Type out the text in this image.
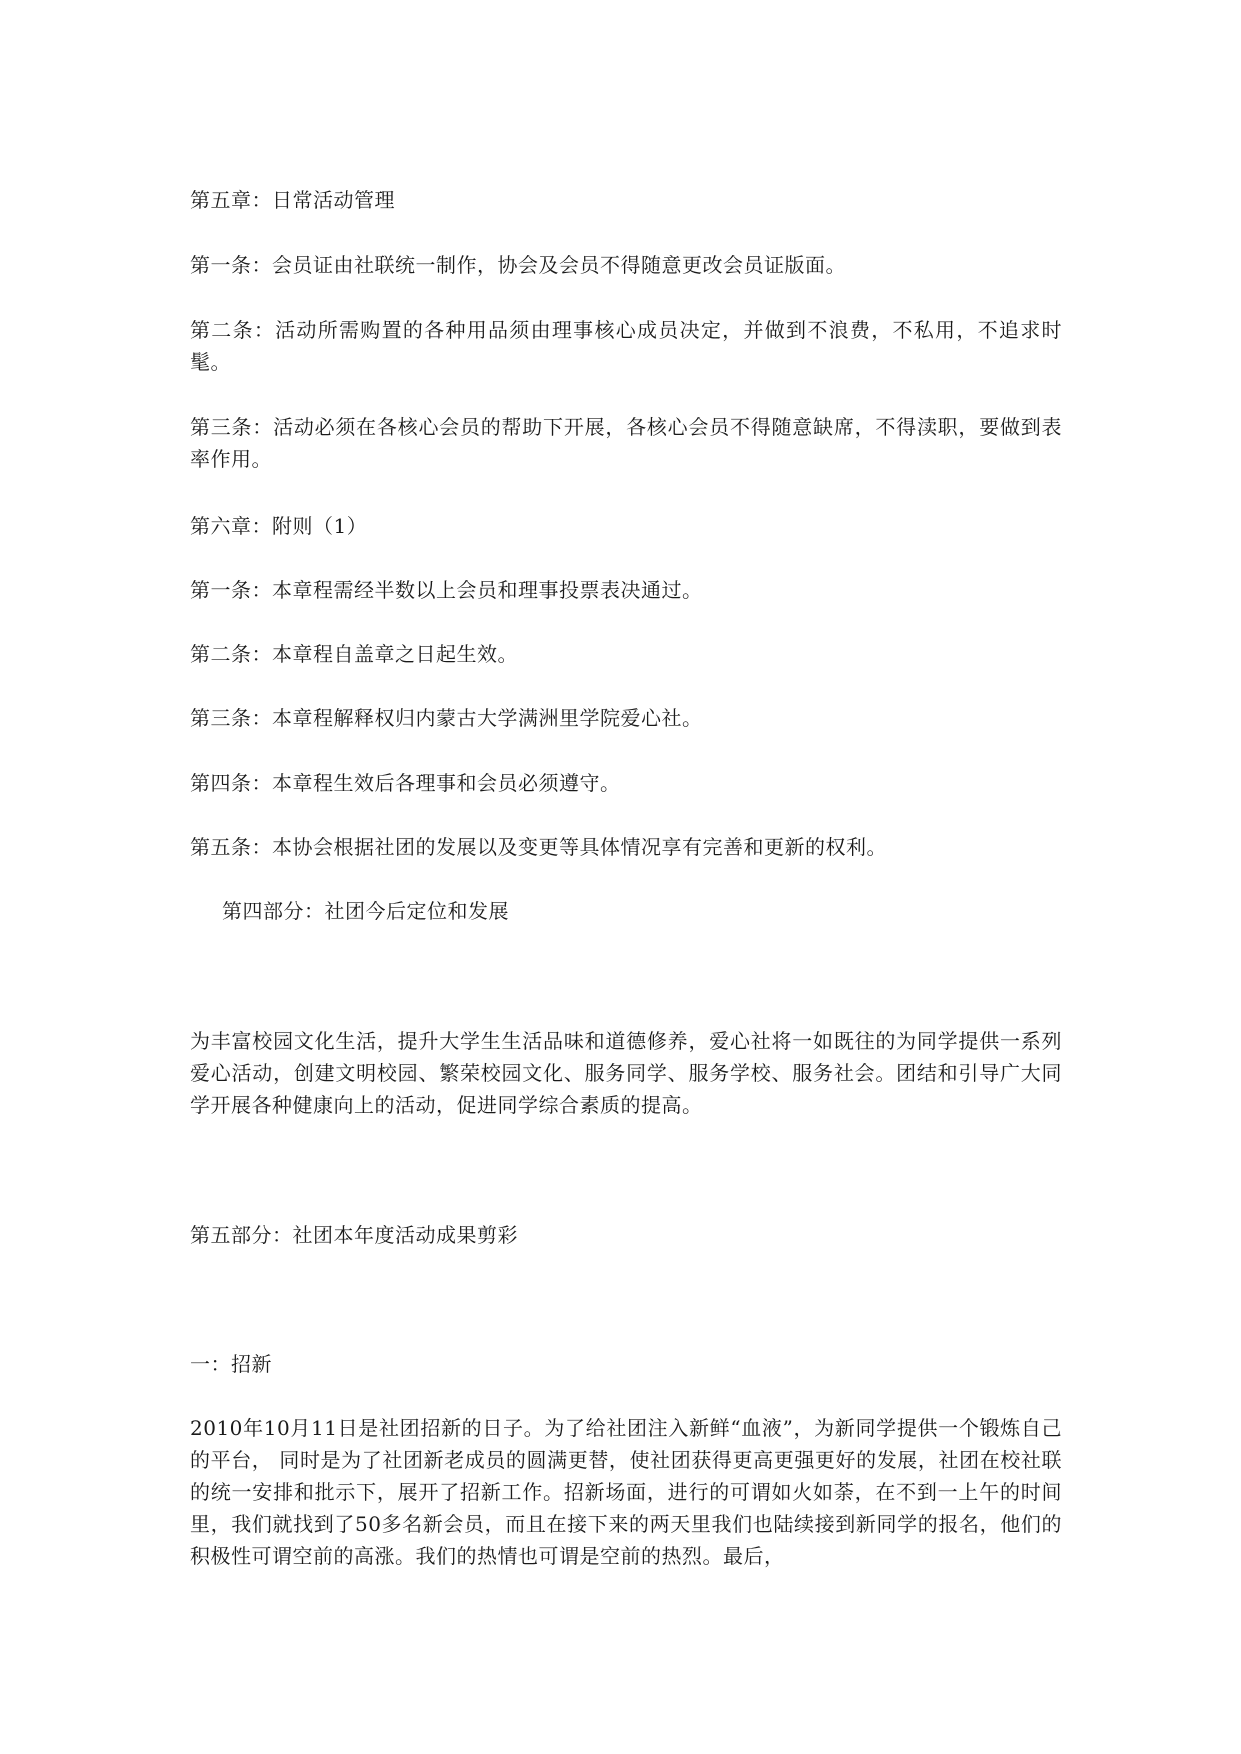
第五章：日常活动管理
第一条：会员证由社联统一制作，协会及会员不得随意更改会员证版面。
第二条：活动所需购置的各种用品须由理事核心成员决定，并做到不浪费，不私用，不追求时髦。
第三条：活动必须在各核心会员的帮助下开展，各核心会员不得随意缺席，不得渎职，要做到表率作用。
第六章：附则（1）
第一条：本章程需经半数以上会员和理事投票表决通过。
第二条：本章程自盖章之日起生效。
第三条：本章程解释权归内蒙古大学满洲里学院爱心社。
第四条：本章程生效后各理事和会员必须遵守。
第五条：本协会根据社团的发展以及变更等具体情况享有完善和更新的权利。
第四部分：社团今后定位和发展
为丰富校园文化生活，提升大学生生活品味和道德修养，爱心社将一如既往的为同学提供一系列爱心活动，创建文明校园、繁荣校园文化、服务同学、服务学校、服务社会。团结和引导广大同学开展各种健康向上的活动，促进同学综合素质的提高。
第五部分：社团本年度活动成果剪彩
一：招新
2010年10月11日是社团招新的日子。为了给社团注入新鲜“血液”，为新同学提供一个锻炼自己的平台， 同时是为了社团新老成员的圆满更替，使社团获得更高更强更好的发展，社团在校社联的统一安排和批示下，展开了招新工作。招新场面，进行的可谓如火如荼，在不到一上午的时间里，我们就找到了50多名新会员，而且在接下来的两天里我们也陆续接到新同学的报名，他们的积极性可谓空前的高涨。我们的热情也可谓是空前的热烈。最后，
